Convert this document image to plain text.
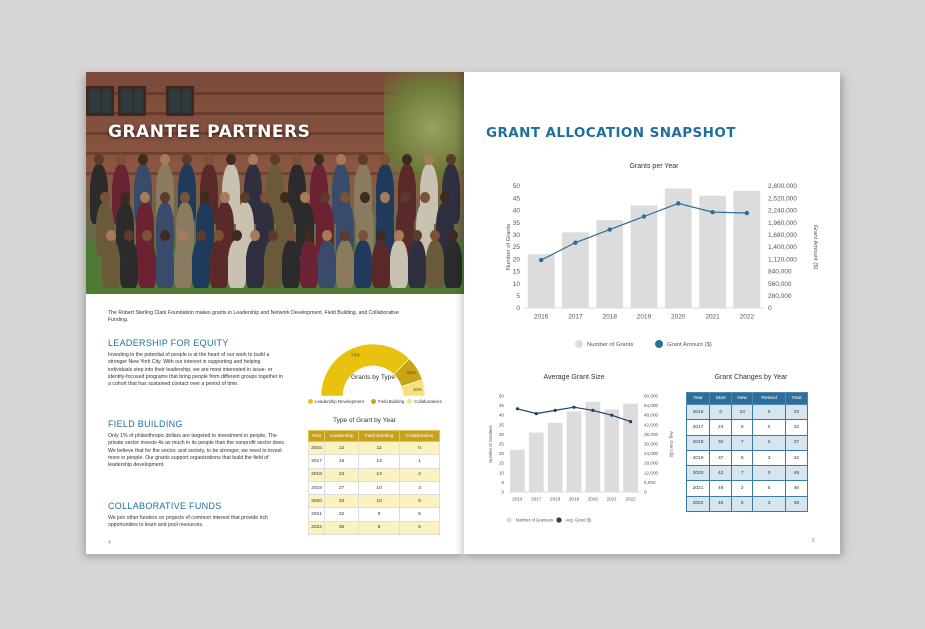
GRANTEE PARTNERS
The Robert Sterling Clark Foundation makes grants in Leadership and Network Development, Field Building, and Collaborative Funding.
LEADERSHIP FOR EQUITY
Investing in the potential of people is at the heart of our work to build a stronger New York City. With our interest in supporting and helping individuals step into their leadership, we are most interested in issue- or identity-focused programs that bring people from different groups together in a cohort that has sustained contact over a period of time.
FIELD BUILDING
Only 1% of philanthropic dollars are targeted to investment in people. The private sector invests 4x as much in its people than the nonprofit sector does. We believe that for the sector, and society, to be stronger, we need to invest more in people. Our grants support organizations that build the field of leadership development.
COLLABORATIVE FUNDS
We join other funders on projects of common interest that provide rich opportunities to learn and pool resources.
4
73%
15%
10%
Grants by Type
Leadership Development	Field Building Collaboratives
Type of Grant by Year
Year	Leadership	Field Building	Collaborative
2016	12	11	0
2017	18	13	1
2018	23	13	2
2019	27	10	3
2020	33	10	6
2021	32	9	5
2022	35	8	5
GRANT ALLOCATION SNAPSHOT
Grants per Year
0
5
10
15
20
25
30
35
40
45
50
0
280,000
560,000
840,000
1,120,000
1,400,000
1,680,000
1,960,000
2,240,000
2,520,000
2,800,000
2016	2017	2018	2019	2020	2021	2022
Number of Grants	Grant Amount ($)
Number of Grants	Grant Amount ($)
Average Grant Size
0
5
10
15
20
25
30
35
40
45
50
0
6,000
12,000
18,000
24,000
30,000
36,000
42,000
48,000
54,000
60,000
2016 2017 2018 2019 2020 2021 2022
Number of Grantees	Avg. Grant ($)
Number of Grantees	Avg. Grant ($)
Grant Changes by Year
Year	Start	New	Retired	Total
2016	0	23	0	23
2017	23	9	0	32
2018	32	7	2	37
2019	37	8	3	42
2020	42	7	0	49
2021	49	2	5	46
2022	46	5	3	48
5
